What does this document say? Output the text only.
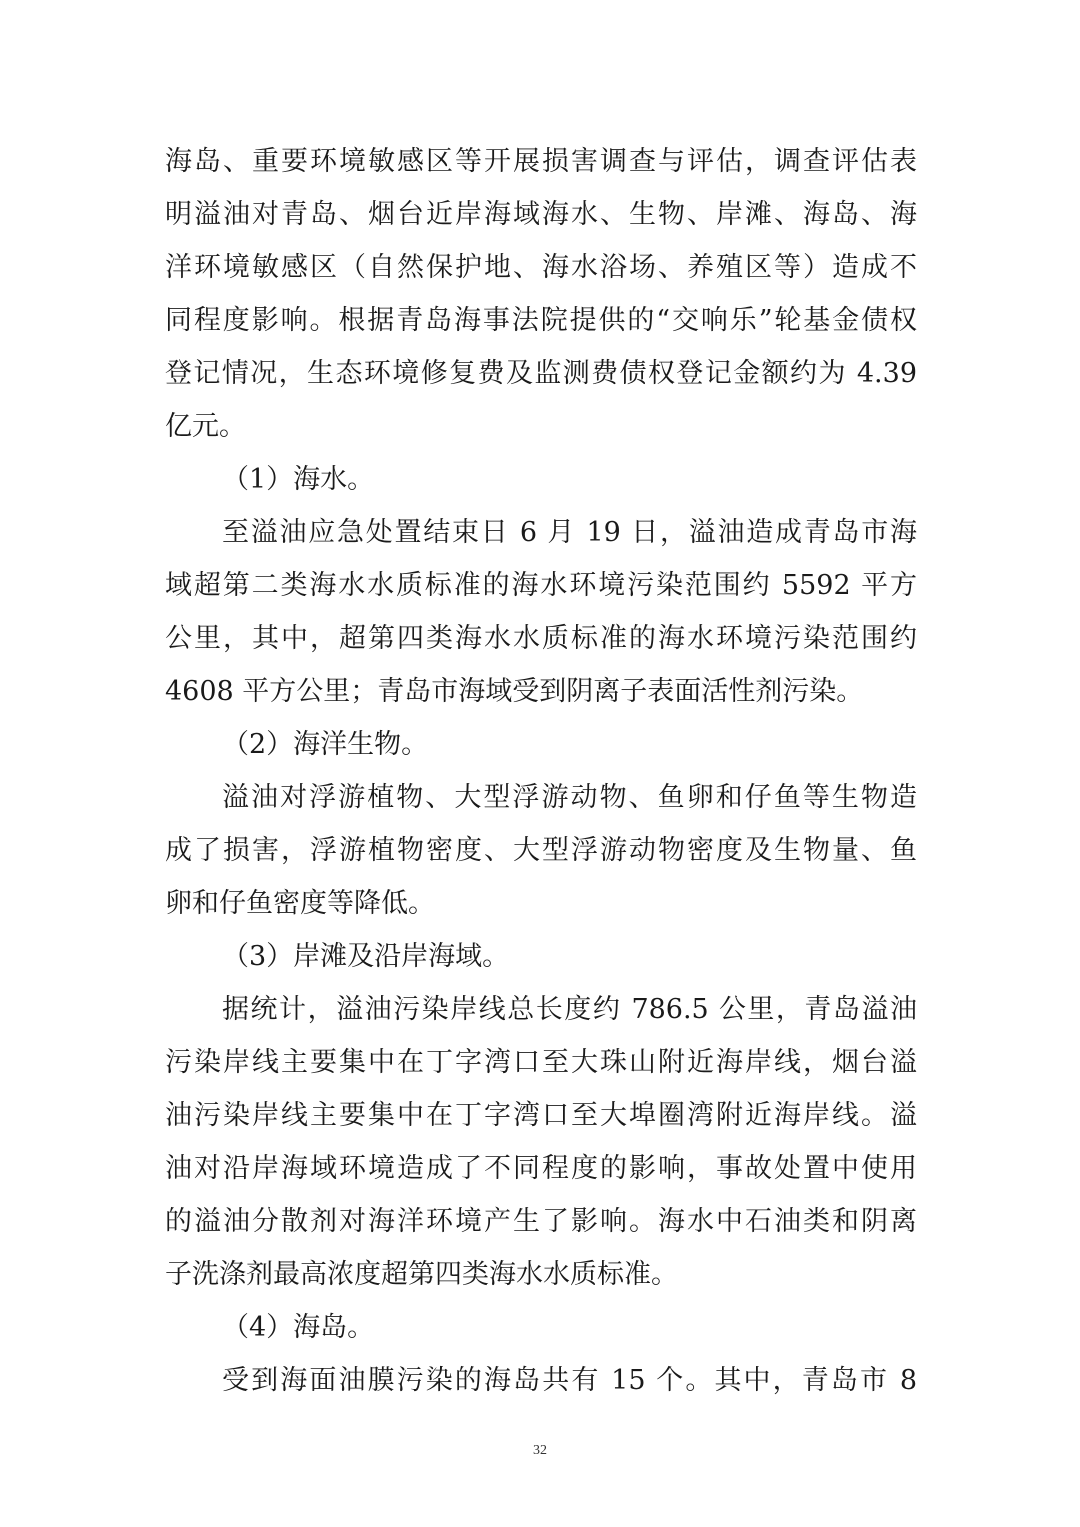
海岛、重要环境敏感区等开展损害调查与评估，调查评估表
明溢油对青岛、烟台近岸海域海水、生物、岸滩、海岛、海
洋环境敏感区（自然保护地、海水浴场、养殖区等）造成不
同程度影响。根据青岛海事法院提供的“交响乐”轮基金债权
登记情况，生态环境修复费及监测费债权登记金额约为 4.39
亿元。
（1）海水。
至溢油应急处置结束日 6 月 19 日，溢油造成青岛市海
域超第二类海水水质标准的海水环境污染范围约 5592 平方
公里，其中，超第四类海水水质标准的海水环境污染范围约
4608 平方公里；青岛市海域受到阴离子表面活性剂污染。
（2）海洋生物。
溢油对浮游植物、大型浮游动物、鱼卵和仔鱼等生物造
成了损害，浮游植物密度、大型浮游动物密度及生物量、鱼
卵和仔鱼密度等降低。
（3）岸滩及沿岸海域。
据统计，溢油污染岸线总长度约 786.5 公里，青岛溢油
污染岸线主要集中在丁字湾口至大珠山附近海岸线，烟台溢
油污染岸线主要集中在丁字湾口至大埠圈湾附近海岸线。溢
油对沿岸海域环境造成了不同程度的影响，事故处置中使用
的溢油分散剂对海洋环境产生了影响。海水中石油类和阴离
子洗涤剂最高浓度超第四类海水水质标准。
（4）海岛。
受到海面油膜污染的海岛共有 15 个。其中，青岛市 8
32
